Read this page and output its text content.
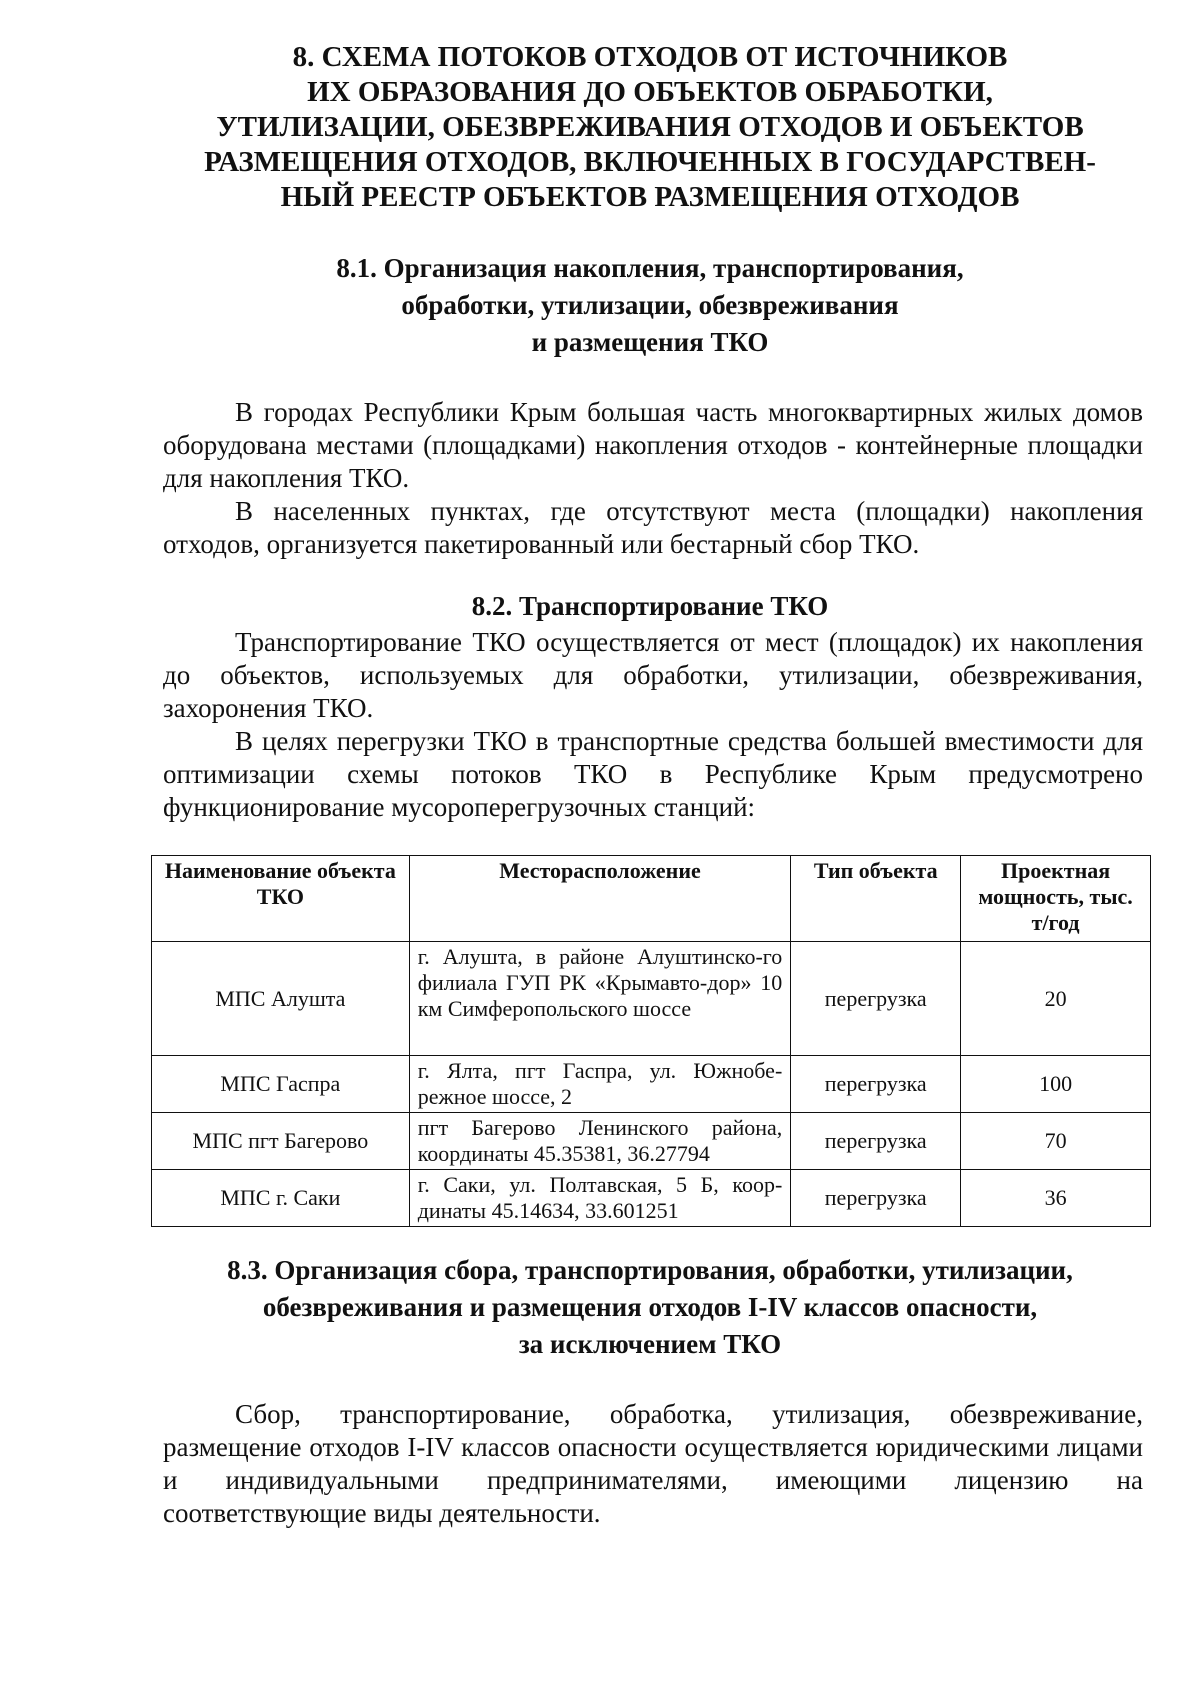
8. СХЕМА ПОТОКОВ ОТХОДОВ ОТ ИСТОЧНИКОВ
ИХ ОБРАЗОВАНИЯ ДО ОБЪЕКТОВ ОБРАБОТКИ,
УТИЛИЗАЦИИ, ОБЕЗВРЕЖИВАНИЯ ОТХОДОВ И ОБЪЕКТОВ
РАЗМЕЩЕНИЯ ОТХОДОВ, ВКЛЮЧЕННЫХ В ГОСУДАРСТВЕН-
НЫЙ РЕЕСТР ОБЪЕКТОВ РАЗМЕЩЕНИЯ ОТХОДОВ
8.1. Организация накопления, транспортирования,
обработки, утилизации, обезвреживания
и размещения ТКО

В городах Республики Крым большая часть многоквартирных жилых домов оборудована местами (площадками) накопления отходов - контейнерные площадки для накопления ТКО.

В населенных пунктах, где отсутствуют места (площадки) накопления отходов, организуется пакетированный или бестарный сбор ТКО.

8.2. Транспортирование ТКО

Транспортирование ТКО осуществляется от мест (площадок) их накопления до объектов, используемых для обработки, утилизации, обезвреживания, захоронения ТКО.

В целях перегрузки ТКО в транспортные средства большей вместимости для оптимизации схемы потоков ТКО в Республике Крым предусмотрено функционирование мусороперегрузочных станций:

Наименование объекта ТКО	Месторасположение	Тип объекта	Проектная мощность, тыс. т/год
МПС Алушта	г. Алушта, в районе Алуштинско-го филиала ГУП РК «Крымавто-дор» 10 км Симферопольского шоссе	перегрузка	20
МПС Гаспра	г. Ялта, пгт Гаспра, ул. Южнобе-режное шоссе, 2	перегрузка	100
МПС пгт Багерово	пгт Багерово Ленинского района, координаты 45.35381, 36.27794	перегрузка	70
МПС г. Саки	г. Саки, ул. Полтавская, 5 Б, коор-динаты 45.14634, 33.601251	перегрузка	36
8.3. Организация сбора, транспортирования, обработки, утилизации,
обезвреживания и размещения отходов I-IV классов опасности,
за исключением ТКО

Сбор, транспортирование, обработка, утилизация, обезвреживание, размещение отходов I-IV классов опасности осуществляется юридическими лицами и индивидуальными предпринимателями, имеющими лицензию на соответствующие виды деятельности.
